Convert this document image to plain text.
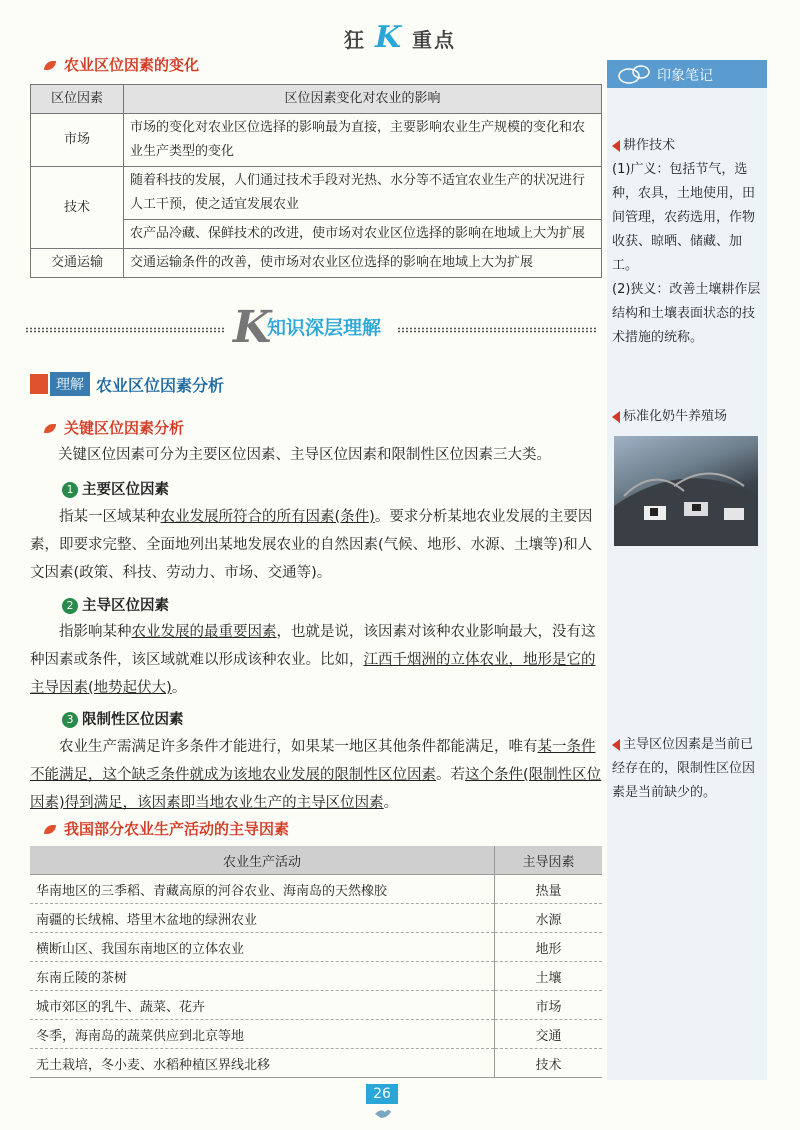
狂 K 重点
农业区位因素的变化
区位因素	区位因素变化对农业的影响
市场	市场的变化对农业区位选择的影响最为直接，主要影响农业生产规模的变化和农业生产类型的变化
技术	随着科技的发展，人们通过技术手段对光热、水分等不适宜农业生产的状况进行人工干预，使之适宜发展农业
	农产品冷藏、保鲜技术的改进，使市场对农业区位选择的影响在地域上大为扩展
交通运输	交通运输条件的改善，使市场对农业区位选择的影响在地域上大为扩展
K
知识深层理解
理解 农业区位因素分析
关键区位因素分析
关键区位因素可分为主要区位因素、主导区位因素和限制性区位因素三大类。
1 主要区位因素
指某一区域某种农业发展所符合的所有因素(条件)。要求分析某地农业发展的主要因素，即要求完整、全面地列出某地发展农业的自然因素(气候、地形、水源、土壤等)和人文因素(政策、科技、劳动力、市场、交通等)。
2 主导区位因素
指影响某种农业发展的最重要因素，也就是说，该因素对该种农业影响最大，没有这种因素或条件，该区域就难以形成该种农业。比如，江西千烟洲的立体农业，地形是它的主导因素(地势起伏大)。
3 限制性区位因素
农业生产需满足许多条件才能进行，如果某一地区其他条件都能满足，唯有某一条件不能满足，这个缺乏条件就成为该地农业发展的限制性区位因素。若这个条件(限制性区位因素)得到满足，该因素即当地农业生产的主导区位因素。
我国部分农业生产活动的主导因素
农业生产活动	主导因素
华南地区的三季稻、青藏高原的河谷农业、海南岛的天然橡胶	热量
南疆的长绒棉、塔里木盆地的绿洲农业	水源
横断山区、我国东南地区的立体农业	地形
东南丘陵的茶树	土壤
城市郊区的乳牛、蔬菜、花卉	市场
冬季，海南岛的蔬菜供应到北京等地	交通
无土栽培，冬小麦、水稻种植区界线北移	技术
印象笔记
耕作技术
(1)广义：包括节气，选种，农具，土地使用，田间管理，农药选用，作物收获、晾晒、储藏、加工。
(2)狭义：改善土壤耕作层结构和土壤表面状态的技术措施的统称。
标准化奶牛养殖场
主导区位因素是当前已经存在的，限制性区位因素是当前缺少的。
26
